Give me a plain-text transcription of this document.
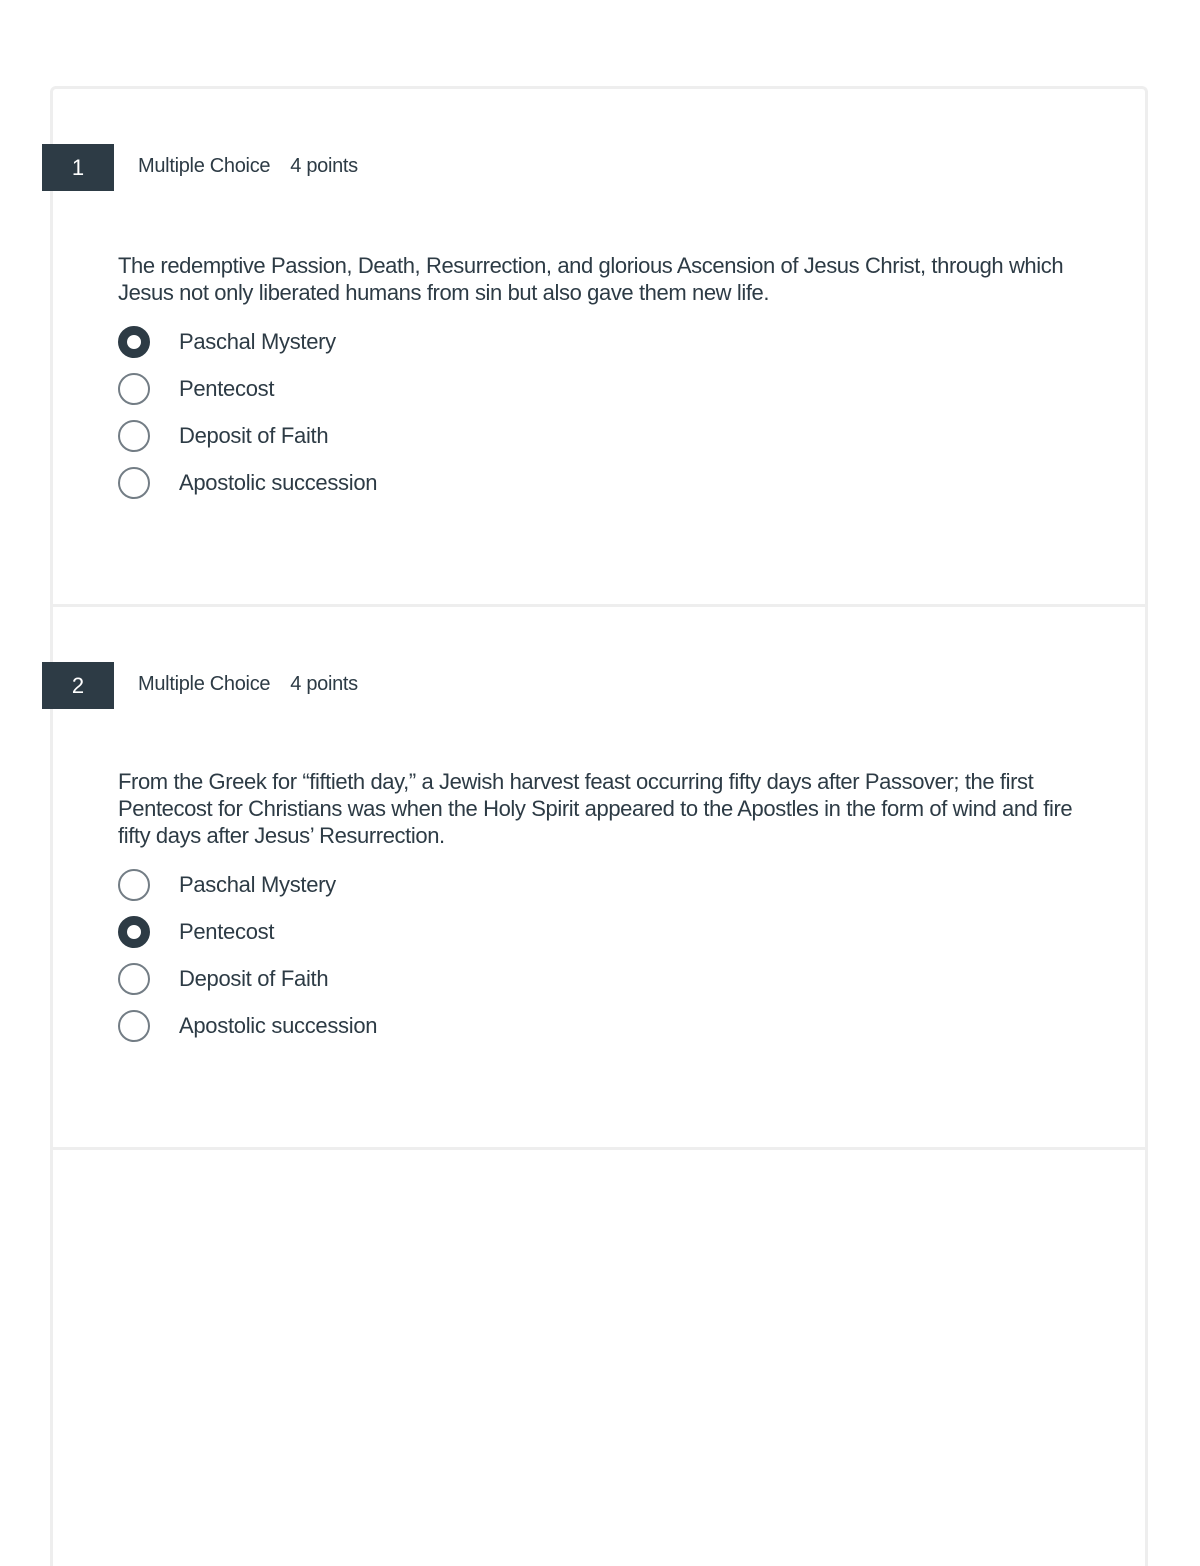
1	Multiple Choice 4 points
The redemptive Passion, Death, Resurrection, and glorious Ascension of Jesus Christ, through which Jesus not only liberated humans from sin but also gave them new life.
Paschal Mystery
Pentecost
Deposit of Faith
Apostolic succession
2	Multiple Choice 4 points
From the Greek for “fiftieth day,” a Jewish harvest feast occurring fifty days after Passover; the first Pentecost for Christians was when the Holy Spirit appeared to the Apostles in the form of wind and fire fifty days after Jesus’ Resurrection.
Paschal Mystery
Pentecost
Deposit of Faith
Apostolic succession
